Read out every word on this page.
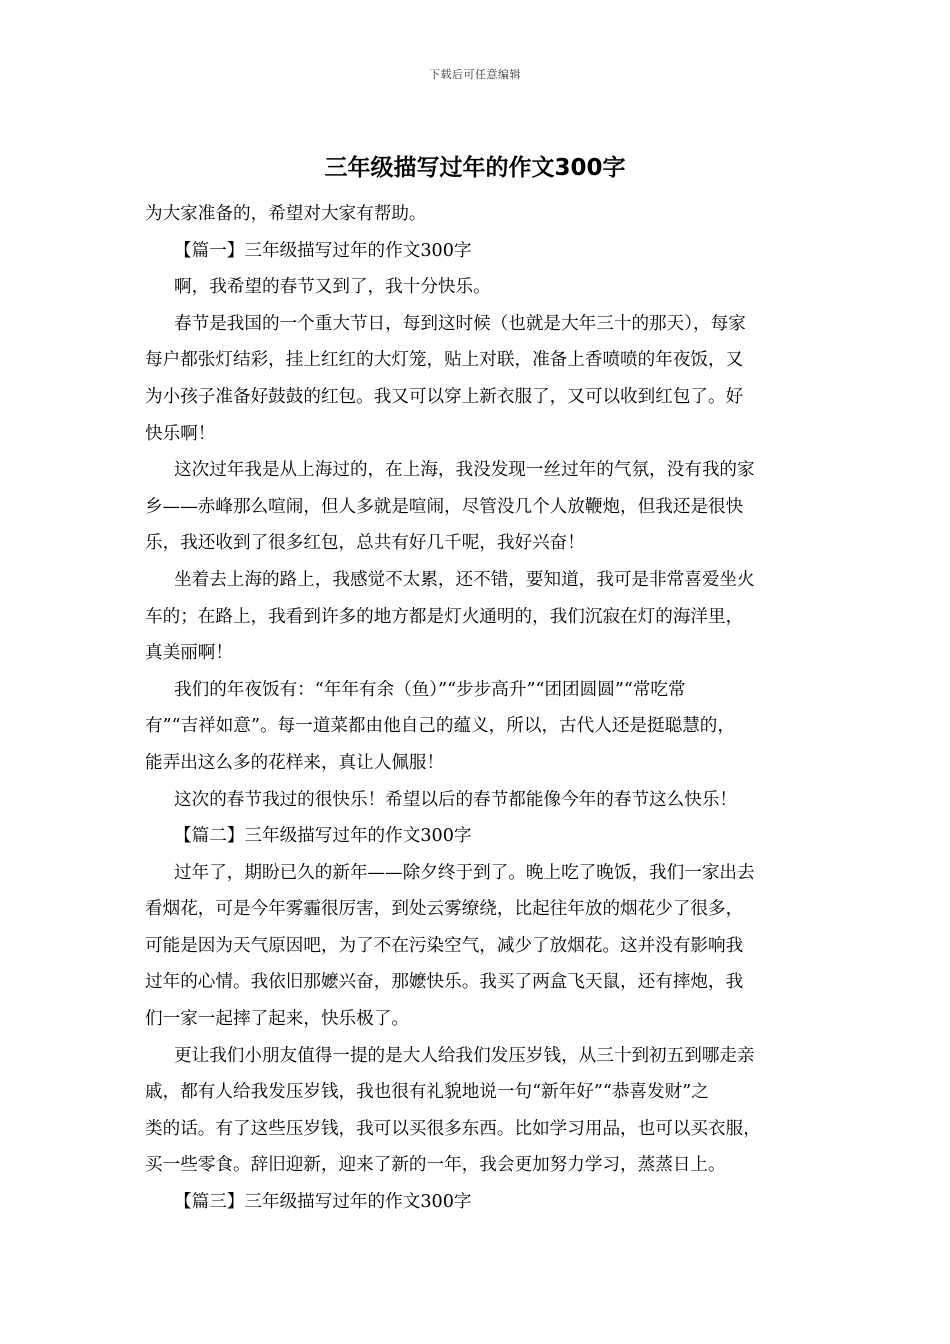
下载后可任意编辑
三年级描写过年的作文300字

为大家准备的，希望对大家有帮助。

【篇一】三年级描写过年的作文300字

啊，我希望的春节又到了，我十分快乐。

春节是我国的一个重大节日，每到这时候（也就是大年三十的那天），每家
每户都张灯结彩，挂上红红的大灯笼，贴上对联，准备上香喷喷的年夜饭，又
为小孩子准备好鼓鼓的红包。我又可以穿上新衣服了，又可以收到红包了。好
快乐啊！

这次过年我是从上海过的，在上海，我没发现一丝过年的气氛，没有我的家
乡——赤峰那么喧闹，但人多就是喧闹，尽管没几个人放鞭炮，但我还是很快
乐，我还收到了很多红包，总共有好几千呢，我好兴奋！

坐着去上海的路上，我感觉不太累，还不错，要知道，我可是非常喜爱坐火
车的；在路上，我看到许多的地方都是灯火通明的，我们沉寂在灯的海洋里，
真美丽啊！

我们的年夜饭有：“年年有余（鱼）”“步步高升”“团团圆圆”“常吃常
有”“吉祥如意”。每一道菜都由他自己的蕴义，所以，古代人还是挺聪慧的，
能弄出这么多的花样来，真让人佩服！

这次的春节我过的很快乐！希望以后的春节都能像今年的春节这么快乐！

【篇二】三年级描写过年的作文300字

过年了，期盼已久的新年——除夕终于到了。晚上吃了晚饭，我们一家出去
看烟花，可是今年雾霾很厉害，到处云雾缭绕，比起往年放的烟花少了很多，
可能是因为天气原因吧，为了不在污染空气，减少了放烟花。这并没有影响我
过年的心情。我依旧那嬷兴奋，那嬷快乐。我买了两盒飞天鼠，还有摔炮，我
们一家一起摔了起来，快乐极了。

更让我们小朋友值得一提的是大人给我们发压岁钱，从三十到初五到哪走亲
戚，都有人给我发压岁钱，我也很有礼貌地说一句“新年好”“恭喜发财”之
类的话。有了这些压岁钱，我可以买很多东西。比如学习用品，也可以买衣服，
买一些零食。辞旧迎新，迎来了新的一年，我会更加努力学习，蒸蒸日上。

【篇三】三年级描写过年的作文300字
